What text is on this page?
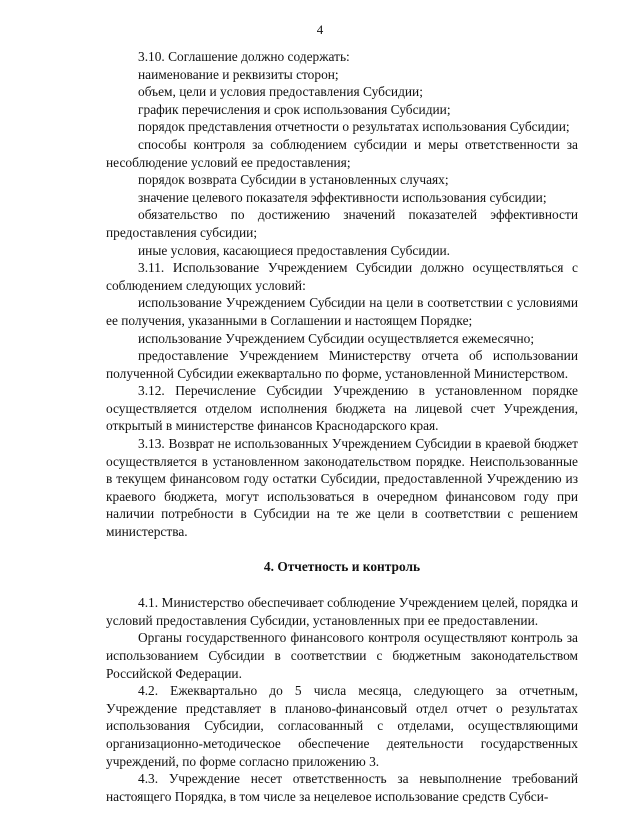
4

3.10. Соглашение должно содержать:

наименование и реквизиты сторон;

объем, цели и условия предоставления Субсидии;

график перечисления и срок использования Субсидии;

порядок представления отчетности о результатах использования Субсидии;

способы контроля за соблюдением субсидии и меры ответственности за несоблюдение условий ее предоставления;

порядок возврата Субсидии в установленных случаях;

значение целевого показателя эффективности использования субсидии;

обязательство по достижению значений показателей эффективности предоставления субсидии;

иные условия, касающиеся предоставления Субсидии.

3.11. Использование Учреждением Субсидии должно осуществляться с соблюдением следующих условий:

использование Учреждением Субсидии на цели в соответствии с условиями ее получения, указанными в Соглашении и настоящем Порядке;

использование Учреждением Субсидии осуществляется ежемесячно;

предоставление Учреждением Министерству отчета об использовании полученной Субсидии ежеквартально по форме, установленной Министерством.

3.12. Перечисление Субсидии Учреждению в установленном порядке осуществляется отделом исполнения бюджета на лицевой счет Учреждения, открытый в министерстве финансов Краснодарского края.

3.13. Возврат не использованных Учреждением Субсидии в краевой бюджет осуществляется в установленном законодательством порядке. Неиспользованные в текущем финансовом году остатки Субсидии, предоставленной Учреждению из краевого бюджета, могут использоваться в очередном финансовом году при наличии потребности в Субсидии на те же цели в соответствии с решением министерства.

4. Отчетность и контроль

4.1. Министерство обеспечивает соблюдение Учреждением целей, порядка и условий предоставления Субсидии, установленных при ее предоставлении.

Органы государственного финансового контроля осуществляют контроль за использованием Субсидии в соответствии с бюджетным законодательством Российской Федерации.

4.2. Ежеквартально до 5 числа месяца, следующего за отчетным, Учреждение представляет в планово-финансовый отдел отчет о результатах использования Субсидии, согласованный с отделами, осуществляющими организационно-методическое обеспечение деятельности государственных учреждений, по форме согласно приложению 3.

4.3. Учреждение несет ответственность за невыполнение требований настоящего Порядка, в том числе за нецелевое использование средств Субси-
